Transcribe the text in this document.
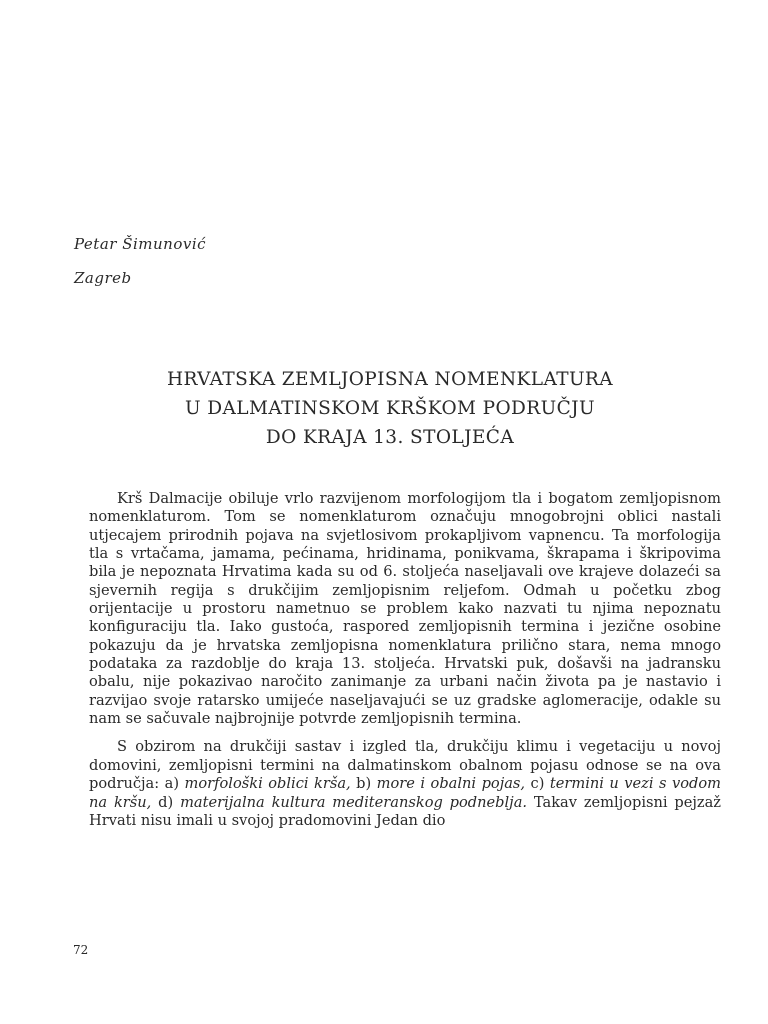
Petar Šimunović
Zagreb
HRVATSKA ZEMLJOPISNA NOMENKLATURA
U DALMATINSKOM KRŠKOM PODRUČJU
DO KRAJA 13. STOLJEĆA

Krš Dalmacije obiluje vrlo razvijenom morfologijom tla i bogatom zemljopisnom nomenklaturom. Tom se nomenklaturom označuju mnogobrojni oblici nastali utjecajem prirodnih pojava na svjetlosivom prokapljivom vapnencu. Ta morfologija tla s vrtačama, jamama, pećinama, hridinama, ponikvama, škrapama i škripovima bila je nepoznata Hrvatima kada su od 6. stoljeća naseljavali ove krajeve dolazeći sa sjevernih regija s drukčijim zemljopisnim reljefom. Odmah u početku zbog orijentacije u prostoru nametnuo se problem kako nazvati tu njima nepoznatu konfiguraciju tla. Iako gustoća, raspored zemljopisnih termina i jezične osobine pokazuju da je hrvatska zemljopisna nomenklatura prilično stara, nema mnogo podataka za razdoblje do kraja 13. stoljeća. Hrvatski puk, došavši na jadransku obalu, nije pokazivao naročito zanimanje za urbani način života pa je nastavio i razvijao svoje ratarsko umijeće naseljavajući se uz gradske aglomeracije, odakle su nam se sačuvale najbrojnije potvrde zemljopisnih termina.

S obzirom na drukčiji sastav i izgled tla, drukčiju klimu i vegetaciju u novoj domovini, zemljopisni termini na dalmatinskom obalnom pojasu odnose se na ova područja: a) morfološki oblici krša, b) more i obalni pojas, c) termini u vezi s vodom na kršu, d) materijalna kultura mediteranskog podneblja. Takav zemljopisni pejzaž Hrvati nisu imali u svojoj pradomovini Jedan dio

72
